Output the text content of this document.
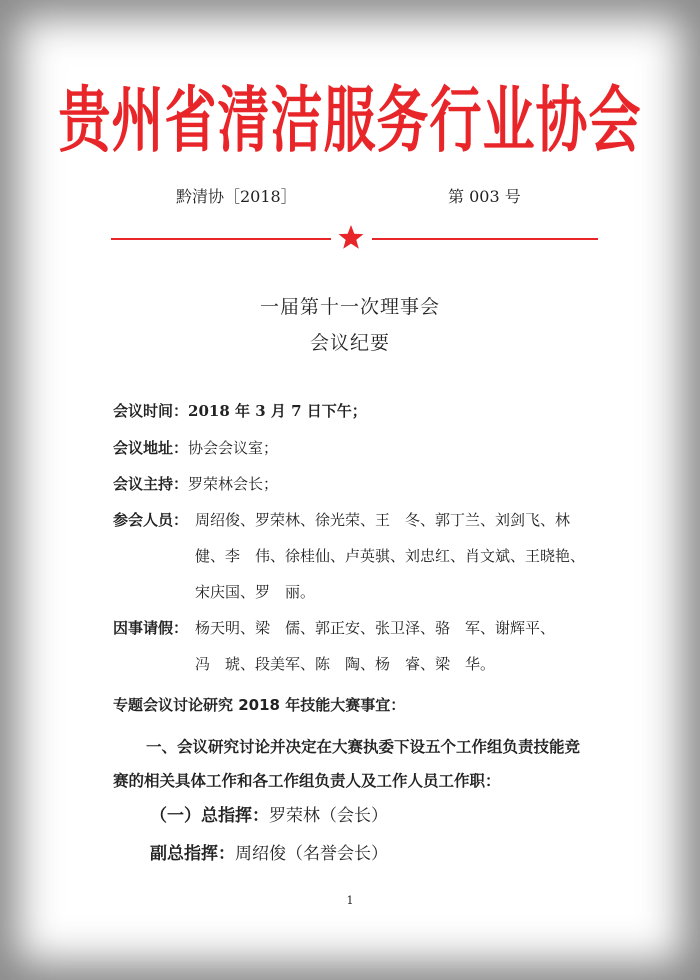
贵州省清洁服务行业协会
黔清协［2018］	第 003 号
一届第十一次理事会
会议纪要
会议时间：2018 年 3 月 7 日下午；
会议地址：协会会议室；
会议主持：罗荣林会长；
参会人员： 周绍俊、罗荣林、徐光荣、王　冬、郭丁兰、刘剑飞、林
健、李　伟、徐桂仙、卢英骐、刘忠红、肖文斌、王晓艳、
宋庆国、罗　丽。
因事请假： 杨天明、梁　儒、郭正安、张卫泽、骆　军、谢辉平、
冯　琥、段美军、陈　陶、杨　睿、梁　华。
专题会议讨论研究 2018 年技能大赛事宜：
一、会议研究讨论并决定在大赛执委下设五个工作组负责技能竞
赛的相关具体工作和各工作组负责人及工作人员工作职：
（一）总指挥：罗荣林（会长）
副总指挥：周绍俊（名誉会长）
1
